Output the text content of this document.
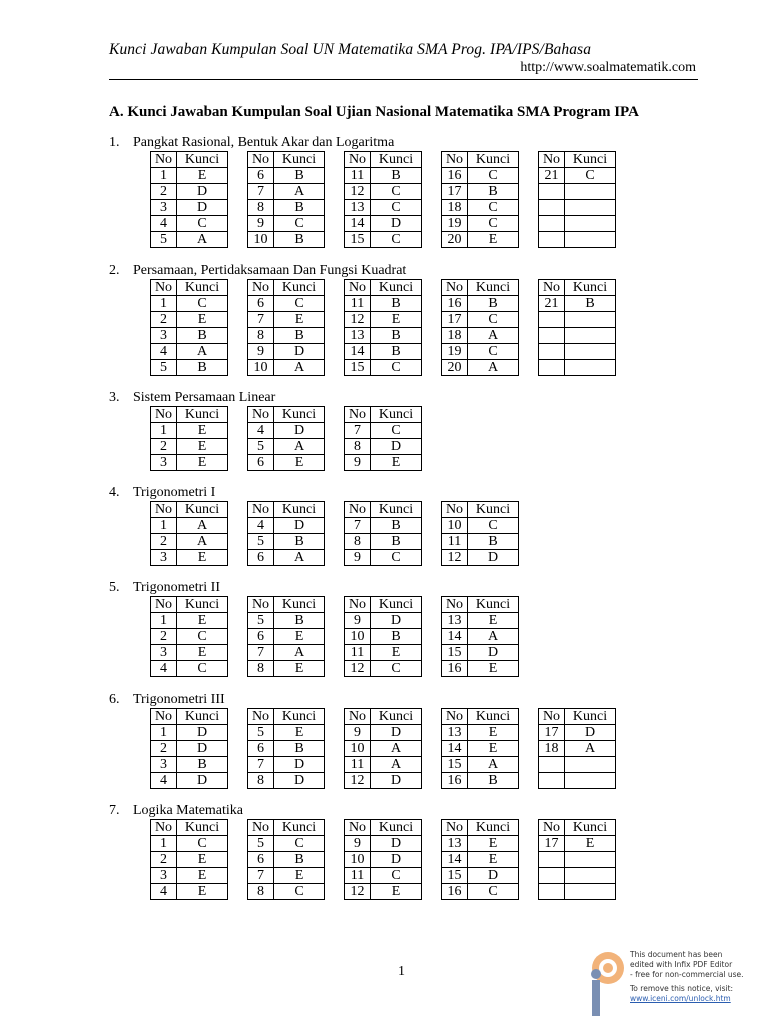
Kunci Jawaban Kumpulan Soal UN Matematika SMA Prog. IPA/IPS/Bahasa
http://www.soalmatematik.com
A. Kunci Jawaban Kumpulan Soal Ujian Nasional Matematika SMA Program IPA
1. Pangkat Rasional, Bentuk Akar dan Logaritma
No	Kunci
1	E
2	D
3	D
4	C
5	A
No	Kunci
6	B
7	A
8	B
9	C
10	B
No	Kunci
11	B
12	C
13	C
14	D
15	C
No	Kunci
16	C
17	B
18	C
19	C
20	E
No	Kunci
21	C

2. Persamaan, Pertidaksamaan Dan Fungsi Kuadrat
No	Kunci
1	C
2	E
3	B
4	A
5	B
No	Kunci
6	C
7	E
8	B
9	D
10	A
No	Kunci
11	B
12	E
13	B
14	B
15	C
No	Kunci
16	B
17	C
18	A
19	C
20	A
No	Kunci
21	B

3. Sistem Persamaan Linear
No	Kunci
1	E
2	E
3	E
No	Kunci
4	D
5	A
6	E
No	Kunci
7	C
8	D
9	E
4. Trigonometri I
No	Kunci
1	A
2	A
3	E
No	Kunci
4	D
5	B
6	A
No	Kunci
7	B
8	B
9	C
No	Kunci
10	C
11	B
12	D
5. Trigonometri II
No	Kunci
1	E
2	C
3	E
4	C
No	Kunci
5	B
6	E
7	A
8	E
No	Kunci
9	D
10	B
11	E
12	C
No	Kunci
13	E
14	A
15	D
16	E
6. Trigonometri III
No	Kunci
1	D
2	D
3	B
4	D
No	Kunci
5	E
6	B
7	D
8	D
No	Kunci
9	D
10	A
11	A
12	D
No	Kunci
13	E
14	E
15	A
16	B
No	Kunci
17	D
18	A

7. Logika Matematika
No	Kunci
1	C
2	E
3	E
4	E
No	Kunci
5	C
6	B
7	E
8	C
No	Kunci
9	D
10	D
11	C
12	E
No	Kunci
13	E
14	E
15	D
16	C
No	Kunci
17	E

1
This document has been
edited with Infix PDF Editor
- free for non-commercial use.
To remove this notice, visit:
www.iceni.com/unlock.htm
